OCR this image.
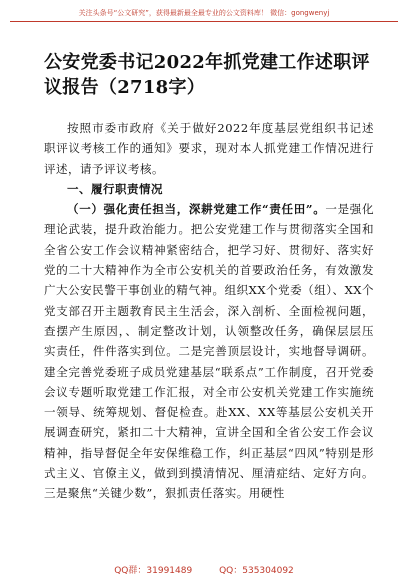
关注头条号“公文研究”，获得最新最全最专业的公文资料库！ 微信：gongwenyj
公安党委书记2022年抓党建工作述职评议报告（2718字）

按照市委市政府《关于做好2022年度基层党组织书记述职评议考核工作的通知》要求，现对本人抓党建工作情况进行评述，请予评议考核。

一、履行职责情况

（一）强化责任担当，深耕党建工作“责任田”。一是强化理论武装，提升政治能力。把公安党建工作与贯彻落实全国和全省公安工作会议精神紧密结合，把学习好、贯彻好、落实好党的二十大精神作为全市公安机关的首要政治任务，有效激发广大公安民警干事创业的精气神。组织XX个党委（组）、XX个党支部召开主题教育民主生活会，深入剖析、全面检视问题，查摆产生原因，、制定整改计划，认领整改任务，确保层层压实责任，件件落实到位。二是完善顶层设计，实地督导调研。建全完善党委班子成员党建基层“联系点”工作制度，召开党委会议专题听取党建工作汇报，对全市公安机关党建工作实施统一领导、统筹规划、督促检查。赴XX、XX等基层公安机关开展调查研究，紧扣二十大精神，宣讲全国和全省公安工作会议精神，指导督促全年安保维稳工作，纠正基层“四风”特别是形式主义、官僚主义，做到到摸清情况、厘清症结、定好方向。三是聚焦“关键少数”，狠抓责任落实。用硬性

QQ群：31991489	QQ：535304092
